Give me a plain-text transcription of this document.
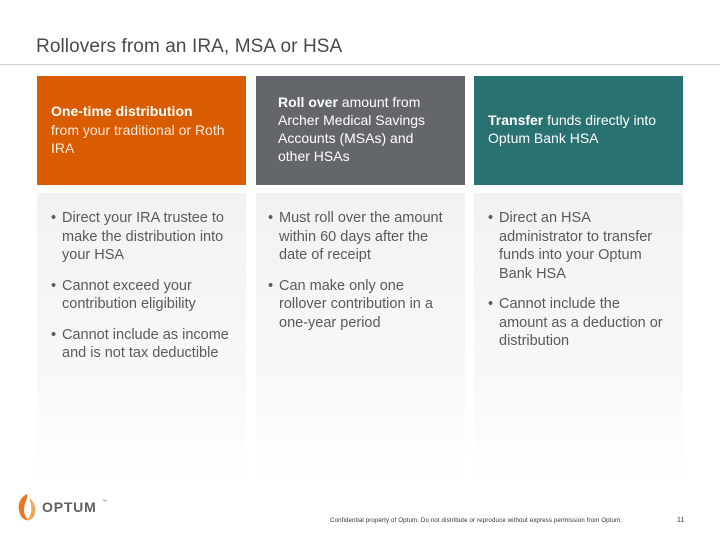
Rollovers from an IRA, MSA or HSA
One-time distribution
from your traditional or Roth IRA
Roll over amount from Archer Medical Savings Accounts (MSAs) and other HSAs
Transfer funds directly into Optum Bank HSA
• Direct your IRA trustee to make the distribution into your HSA
• Cannot exceed your contribution eligibility
• Cannot include as income and is not tax deductible
• Must roll over the amount within 60 days after the date of receipt
• Can make only one rollover contribution in a one-year period
• Direct an HSA administrator to transfer funds into your Optum Bank HSA
• Cannot include the amount as a deduction or distribution
OPTUM ™
Confidential property of Optum. Do not distribute or reproduce without express permission from Optum.	11
